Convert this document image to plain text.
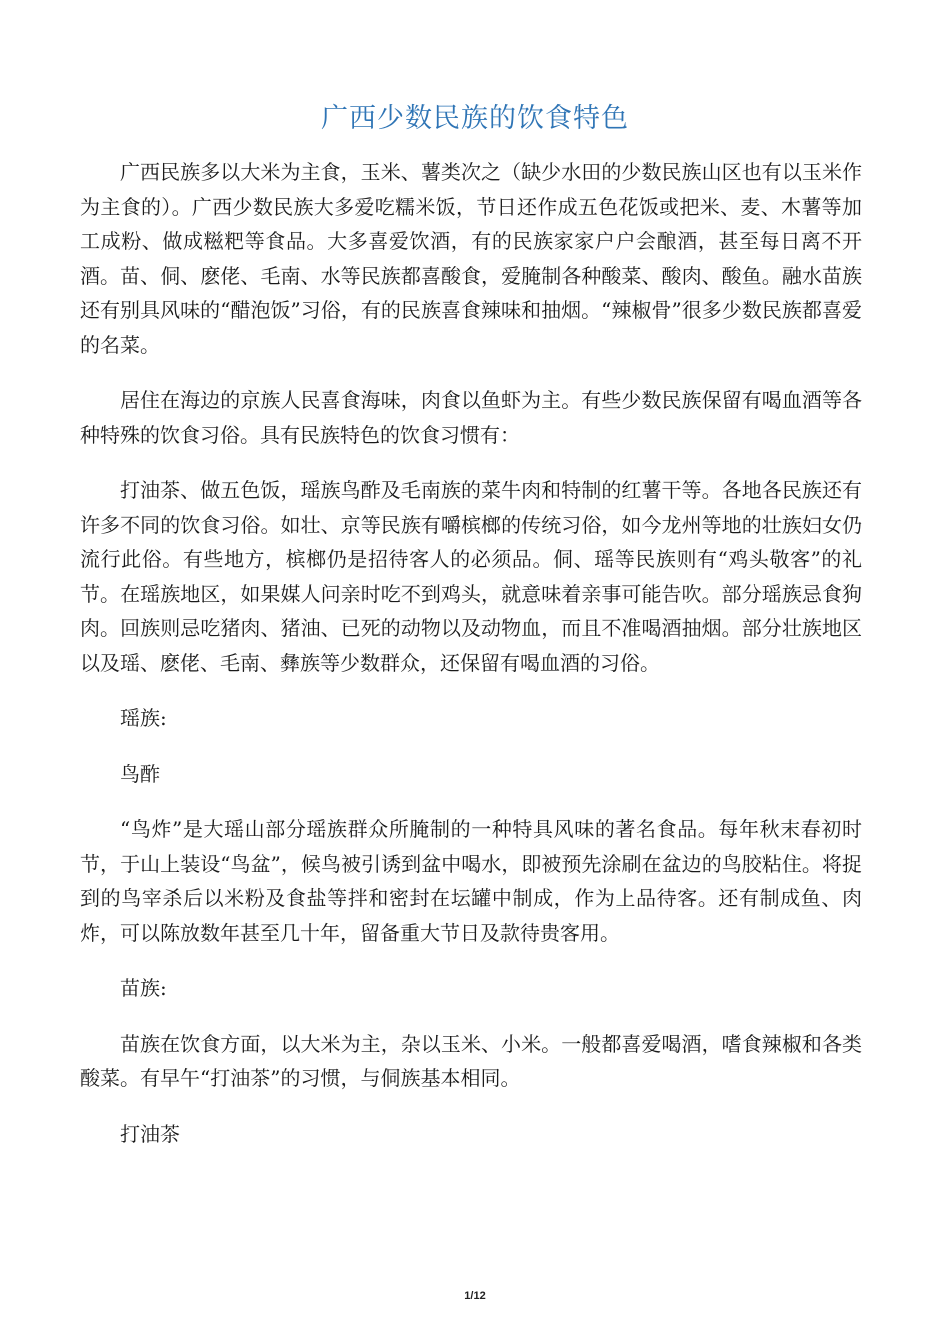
广西少数民族的饮食特色

广西民族多以大米为主食，玉米、薯类次之（缺少水田的少数民族山区也有以玉米作为主食的）。广西少数民族大多爱吃糯米饭，节日还作成五色花饭或把米、麦、木薯等加工成粉、做成糍粑等食品。大多喜爱饮酒，有的民族家家户户会酿酒，甚至每日离不开酒。苗、侗、麽佬、毛南、水等民族都喜酸食，爱腌制各种酸菜、酸肉、酸鱼。融水苗族还有别具风味的“醋泡饭”习俗，有的民族喜食辣味和抽烟。“辣椒骨”很多少数民族都喜爱的名菜。

居住在海边的京族人民喜食海味，肉食以鱼虾为主。有些少数民族保留有喝血酒等各种特殊的饮食习俗。具有民族特色的饮食习惯有：

打油茶、做五色饭，瑶族鸟酢及毛南族的菜牛肉和特制的红薯干等。各地各民族还有许多不同的饮食习俗。如壮、京等民族有嚼槟榔的传统习俗，如今龙州等地的壮族妇女仍流行此俗。有些地方，槟榔仍是招待客人的必须品。侗、瑶等民族则有“鸡头敬客”的礼节。在瑶族地区，如果媒人问亲时吃不到鸡头，就意味着亲事可能告吹。部分瑶族忌食狗肉。回族则忌吃猪肉、猪油、已死的动物以及动物血，而且不准喝酒抽烟。部分壮族地区以及瑶、麽佬、毛南、彝族等少数群众，还保留有喝血酒的习俗。

瑶族:

鸟酢

“鸟炸”是大瑶山部分瑶族群众所腌制的一种特具风味的著名食品。每年秋末春初时节，于山上装设“鸟盆”，候鸟被引诱到盆中喝水，即被预先涂刷在盆边的鸟胶粘住。将捉到的鸟宰杀后以米粉及食盐等拌和密封在坛罐中制成，作为上品待客。还有制成鱼、肉炸，可以陈放数年甚至几十年，留备重大节日及款待贵客用。

苗族:

苗族在饮食方面，以大米为主，杂以玉米、小米。一般都喜爱喝酒，嗜食辣椒和各类酸菜。有早午“打油茶”的习惯，与侗族基本相同。

打油茶

1/12
